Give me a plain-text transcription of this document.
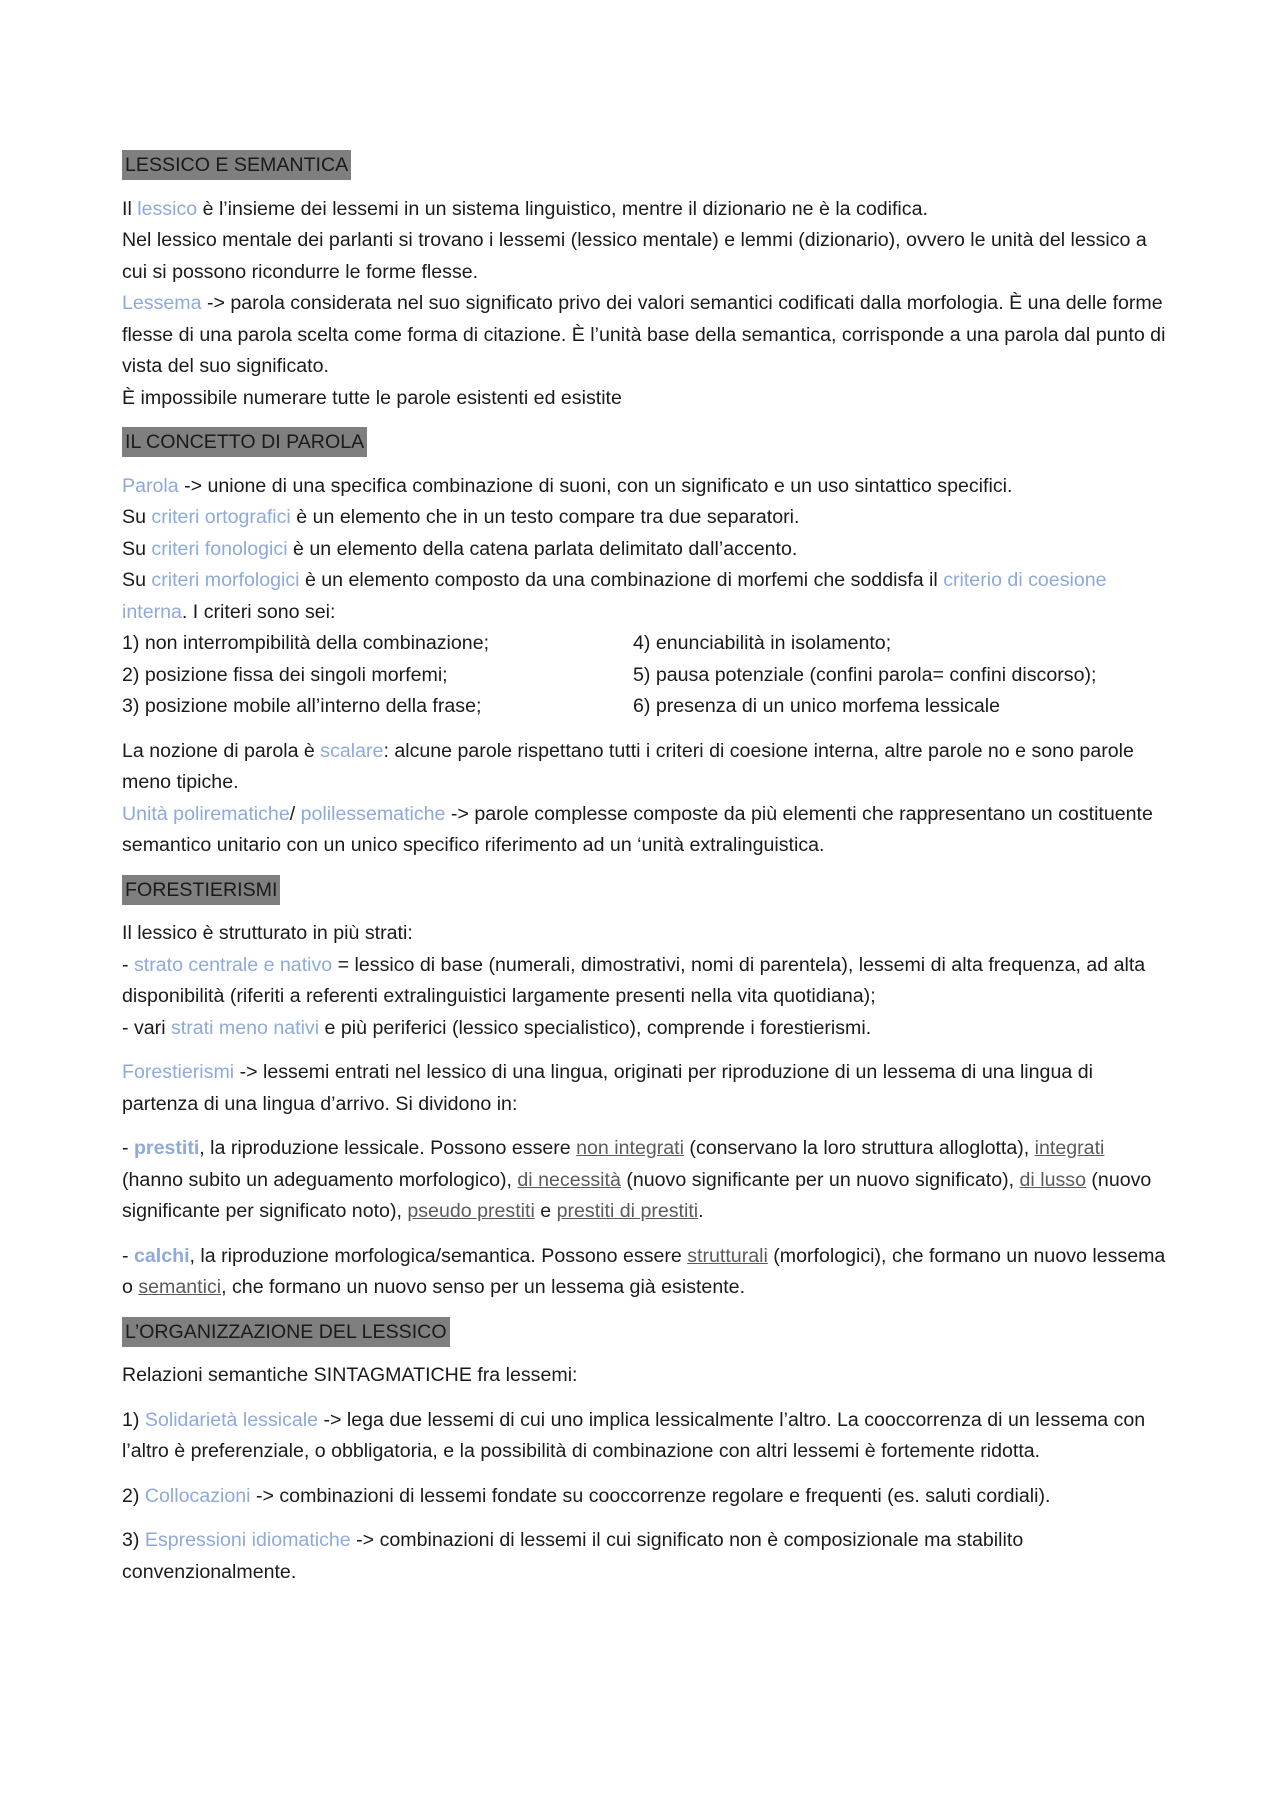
LESSICO E SEMANTICA

Il lessico è l’insieme dei lessemi in un sistema linguistico, mentre il dizionario ne è la codifica.

Nel lessico mentale dei parlanti si trovano i lessemi (lessico mentale) e lemmi (dizionario), ovvero le unità del lessico a cui si possono ricondurre le forme flesse.

Lessema -> parola considerata nel suo significato privo dei valori semantici codificati dalla morfologia. È una delle forme flesse di una parola scelta come forma di citazione. È l’unità base della semantica, corrisponde a una parola dal punto di vista del suo significato.

È impossibile numerare tutte le parole esistenti ed esistite

IL CONCETTO DI PAROLA

Parola -> unione di una specifica combinazione di suoni, con un significato e un uso sintattico specifici.

Su criteri ortografici è un elemento che in un testo compare tra due separatori.

Su criteri fonologici è un elemento della catena parlata delimitato dall’accento.

Su criteri morfologici è un elemento composto da una combinazione di morfemi che soddisfa il criterio di coesione interna. I criteri sono sei:

1) non interrompibilità della combinazione;
2) posizione fissa dei singoli morfemi;
3) posizione mobile all’interno della frase;
4) enunciabilità in isolamento;
5) pausa potenziale (confini parola= confini discorso);
6) presenza di un unico morfema lessicale

La nozione di parola è scalare: alcune parole rispettano tutti i criteri di coesione interna, altre parole no e sono parole meno tipiche.

Unità polirematiche/ polilessematiche -> parole complesse composte da più elementi che rappresentano un costituente semantico unitario con un unico specifico riferimento ad un ‘unità extralinguistica.

FORESTIERISMI

Il lessico è strutturato in più strati:

- strato centrale e nativo = lessico di base (numerali, dimostrativi, nomi di parentela), lessemi di alta frequenza, ad alta disponibilità (riferiti a referenti extralinguistici largamente presenti nella vita quotidiana);

- vari strati meno nativi e più periferici (lessico specialistico), comprende i forestierismi.

Forestierismi -> lessemi entrati nel lessico di una lingua, originati per riproduzione di un lessema di una lingua di partenza di una lingua d’arrivo. Si dividono in:

- prestiti, la riproduzione lessicale. Possono essere non integrati (conservano la loro struttura alloglotta), integrati (hanno subito un adeguamento morfologico), di necessità (nuovo significante per un nuovo significato), di lusso (nuovo significante per significato noto), pseudo prestiti e prestiti di prestiti.

- calchi, la riproduzione morfologica/semantica. Possono essere strutturali (morfologici), che formano un nuovo lessema o semantici, che formano un nuovo senso per un lessema già esistente.

L’ORGANIZZAZIONE DEL LESSICO

Relazioni semantiche SINTAGMATICHE fra lessemi:

1) Solidarietà lessicale -> lega due lessemi di cui uno implica lessicalmente l’altro. La cooccorrenza di un lessema con l’altro è preferenziale, o obbligatoria, e la possibilità di combinazione con altri lessemi è fortemente ridotta.

2) Collocazioni -> combinazioni di lessemi fondate su cooccorrenze regolare e frequenti (es. saluti cordiali).

3) Espressioni idiomatiche -> combinazioni di lessemi il cui significato non è composizionale ma stabilito convenzionalmente.
